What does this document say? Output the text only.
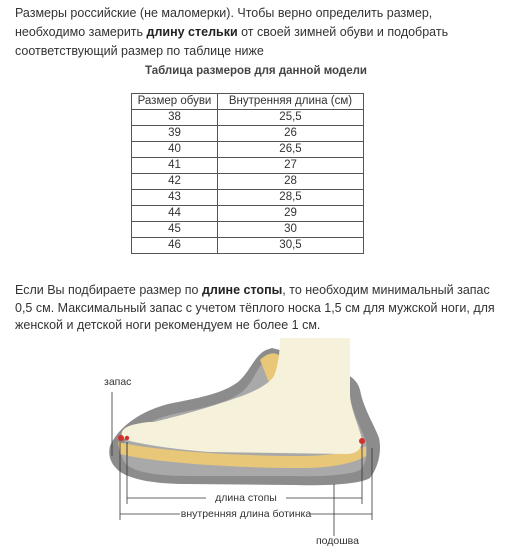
Размеры российские (не маломерки). Чтобы верно определить размер, необходимо замерить длину стельки от своей зимней обуви и подобрать соответствующий размер по таблице ниже

Таблица размеров для данной модели
Размер обуви	Внутренняя длина (см)
38	25,5
39	26
40	26,5
41	27
42	28
43	28,5
44	29
45	30
46	30,5

Если Вы подбираете размер по длине стопы, то необходим минимальный запас 0,5 см. Максимальный запас с учетом тёплого носка 1,5 см для мужской ноги, для женской и детской ноги рекомендуем не более 1 см.

запас
длина стопы
внутренняя длина ботинка
подошва
